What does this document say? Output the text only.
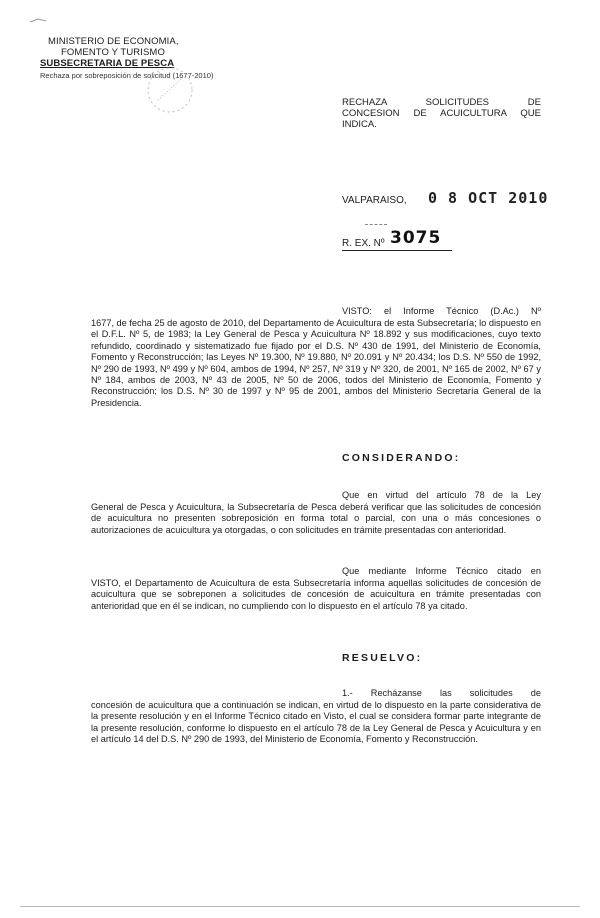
MINISTERIO DE ECONOMIA,
FOMENTO Y TURISMO
SUBSECRETARIA DE PESCA
Rechaza por sobreposición de solicitud (1677-2010)
RECHAZA SOLICITUDES DE
CONCESION DE ACUICULTURA QUE
INDICA.
VALPARAISO, 0 8 OCT 2010
R. EX. Nº 3075
VISTO: el Informe Técnico (D.Ac.) Nº
1677, de fecha 25 de agosto de 2010, del Departamento de Acuicultura de esta Subsecretaría; lo dispuesto en el D.F.L. Nº 5, de 1983; la Ley General de Pesca y Acuicultura Nº 18.892 y sus modificaciones, cuyo texto refundido, coordinado y sistematizado fue fijado por el D.S. Nº 430 de 1991, del Ministerio de Economía, Fomento y Reconstrucción; las Leyes Nº 19.300, Nº 19.880, Nº 20.091 y Nº 20.434; los D.S. Nº 550 de 1992, Nº 290 de 1993, Nº 499 y Nº 604, ambos de 1994, Nº 257, Nº 319 y Nº 320, de 2001, Nº 165 de 2002, Nº 67 y Nº 184, ambos de 2003, Nº 43 de 2005, Nº 50 de 2006, todos del Ministerio de Economía, Fomento y Reconstrucción; los D.S. Nº 30 de 1997 y Nº 95 de 2001, ambos del Ministerio Secretaría General de la Presidencia.
CONSIDERANDO:
Que en virtud del artículo 78 de la Ley
General de Pesca y Acuicultura, la Subsecretaría de Pesca deberá verificar que las solicitudes de concesión de acuicultura no presenten sobreposición en forma total o parcial, con una o más concesiones o autorizaciones de acuicultura ya otorgadas, o con solicitudes en trámite presentadas con anterioridad.
Que mediante Informe Técnico citado en
VISTO, el Departamento de Acuicultura de esta Subsecretaría informa aquellas solicitudes de concesión de acuicultura que se sobreponen a solicitudes de concesión de acuicultura en trámite presentadas con anterioridad que en él se indican, no cumpliendo con lo dispuesto en el artículo 78 ya citado.
RESUELVO:
1.- Recházanse las solicitudes de
concesión de acuicultura que a continuación se indican, en virtud de lo dispuesto en la parte considerativa de la presente resolución y en el Informe Técnico citado en Visto, el cual se considera formar parte integrante de la presente resolución, conforme lo dispuesto en el artículo 78 de la Ley General de Pesca y Acuicultura y en el artículo 14 del D.S. Nº 290 de 1993, del Ministerio de Economía, Fomento y Reconstrucción.
